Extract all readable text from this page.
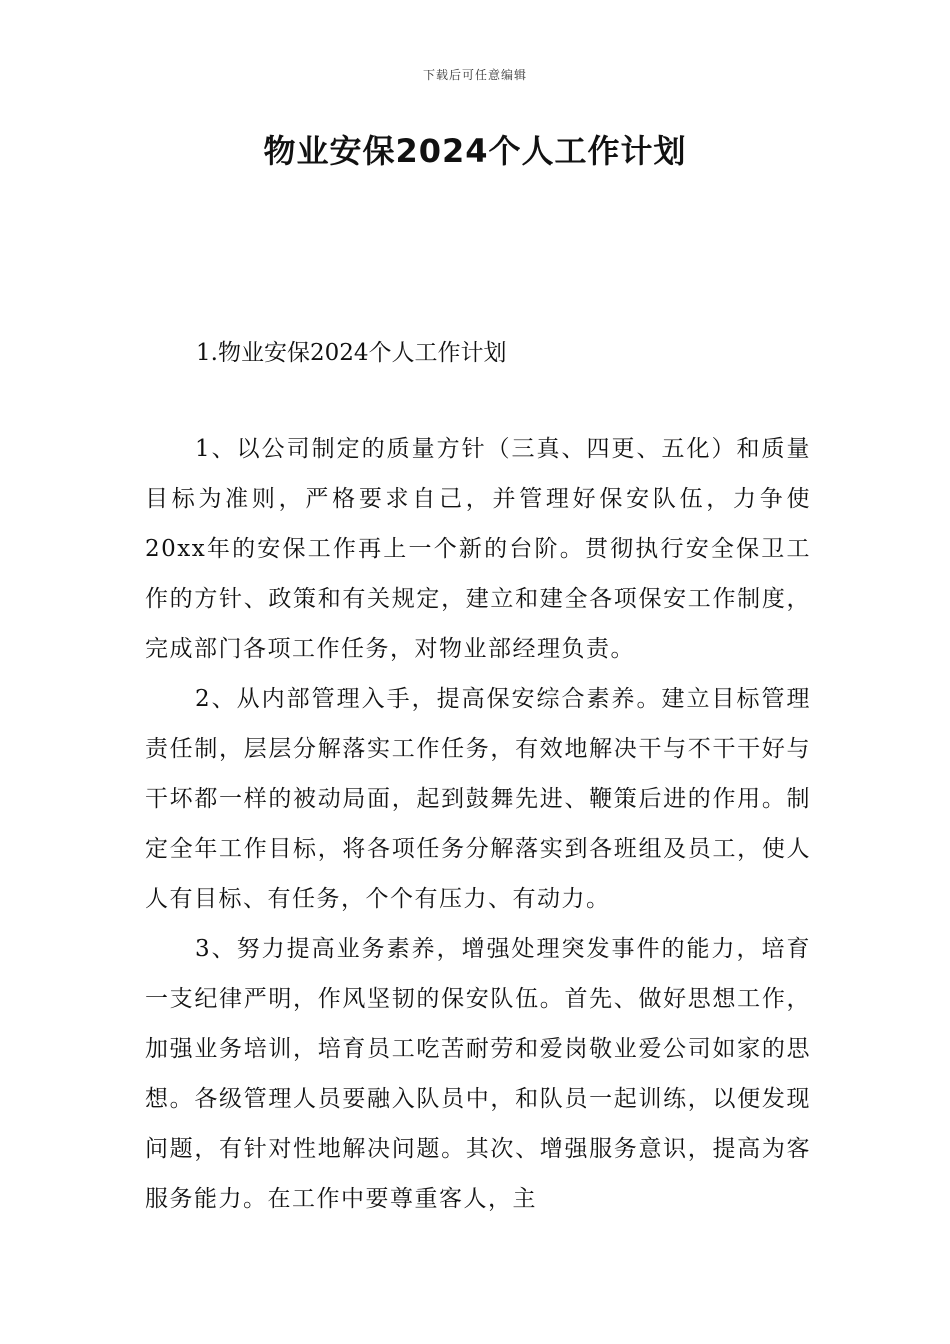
下载后可任意编辑
物业安保2024个人工作计划
1.物业安保2024个人工作计划

1、以公司制定的质量方针（三真、四更、五化）和质量目标为准则，严格要求自己，并管理好保安队伍，力争使20xx年的安保工作再上一个新的台阶。贯彻执行安全保卫工作的方针、政策和有关规定，建立和建全各项保安工作制度，完成部门各项工作任务，对物业部经理负责。

2、从内部管理入手，提高保安综合素养。建立目标管理责任制，层层分解落实工作任务，有效地解决干与不干干好与干坏都一样的被动局面，起到鼓舞先进、鞭策后进的作用。制定全年工作目标，将各项任务分解落实到各班组及员工，使人人有目标、有任务，个个有压力、有动力。

3、努力提高业务素养，增强处理突发事件的能力，培育一支纪律严明，作风坚韧的保安队伍。首先、做好思想工作，加强业务培训，培育员工吃苦耐劳和爱岗敬业爱公司如家的思想。各级管理人员要融入队员中，和队员一起训练，以便发现问题，有针对性地解决问题。其次、增强服务意识，提高为客服务能力。在工作中要尊重客人，主
